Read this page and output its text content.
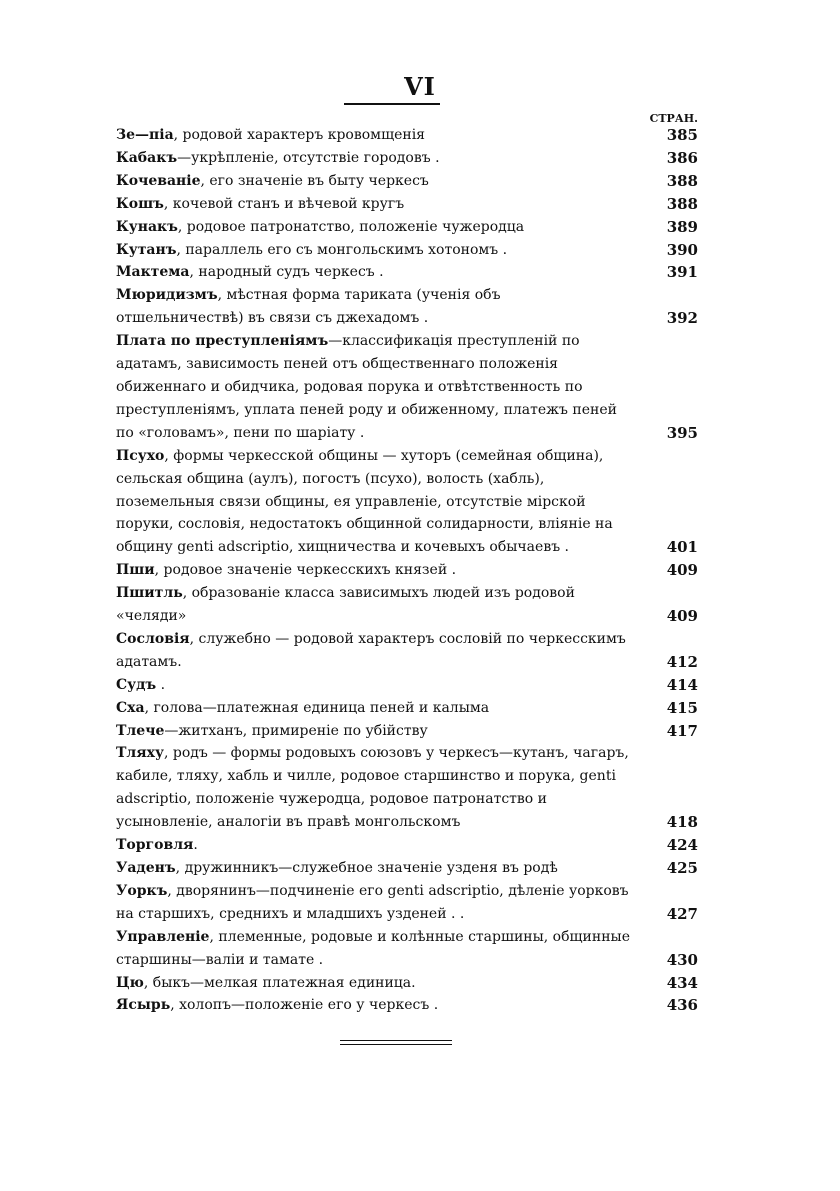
VI
СТРАН.
Зе—піа, родовой характеръ кровомщенія	385
Кабакъ—укрѣпленіе, отсутствіе городовъ .	386
Кочеваніе, его значеніе въ быту черкесъ	388
Кошъ, кочевой станъ и вѣчевой кругъ	388
Кунакъ, родовое патронатство, положеніе чужеродца	389
Кутанъ, параллель его съ монгольскимъ хотономъ .	390
Мактема, народный судъ черкесъ .	391
Мюридизмъ, мѣстная форма тариката (ученія объ отшельничествѣ) въ связи съ джехадомъ .	392
Плата по преступленіямъ—классификація преступленій по адатамъ, зависимость пеней отъ общественнаго положенія обиженнаго и обидчика, родовая порука и отвѣтственность по преступленіямъ, уплата пеней роду и обиженному, платежъ пеней по «головамъ», пени по шаріату .	395
Псухо, формы черкесской общины — хуторъ (семейная община), сельская община (аулъ), погостъ (псухо), волость (хабль), поземельныя связи общины, ея управленіе, отсутствіе мірской поруки, сословія, недостатокъ общинной солидарности, вліяніе на общину genti adscriptio, хищничества и кочевыхъ обычаевъ .	401
Пши, родовое значеніе черкесскихъ князей .	409
Пшитль, образованіе класса зависимыхъ людей изъ родовой «челяди»	409
Сословія, служебно — родовой характеръ сословій по черкесскимъ адатамъ.	412
Судъ .	414
Сха, голова—платежная единица пеней и калыма	415
Тлече—житханъ, примиреніе по убійству	417
Тляху, родъ — формы родовыхъ союзовъ у черкесъ—кутанъ, чагаръ, кабиле, тляху, хабль и чилле, родовое старшинство и порука, genti adscriptio, положеніе чужеродца, родовое патронатство и усыновленіе, аналогіи въ правѣ монгольскомъ	418
Торговля.	424
Уаденъ, дружинникъ—служебное значеніе узденя въ родѣ	425
Уоркъ, дворянинъ—подчиненіе его genti adscriptio, дѣленіе уорковъ на старшихъ, среднихъ и младшихъ узденей . .	427
Управленіе, племенные, родовые и колѣнные старшины, общинные старшины—валіи и тамате .	430
Цю, быкъ—мелкая платежная единица.	434
Ясырь, холопъ—положеніе его у черкесъ .	436
